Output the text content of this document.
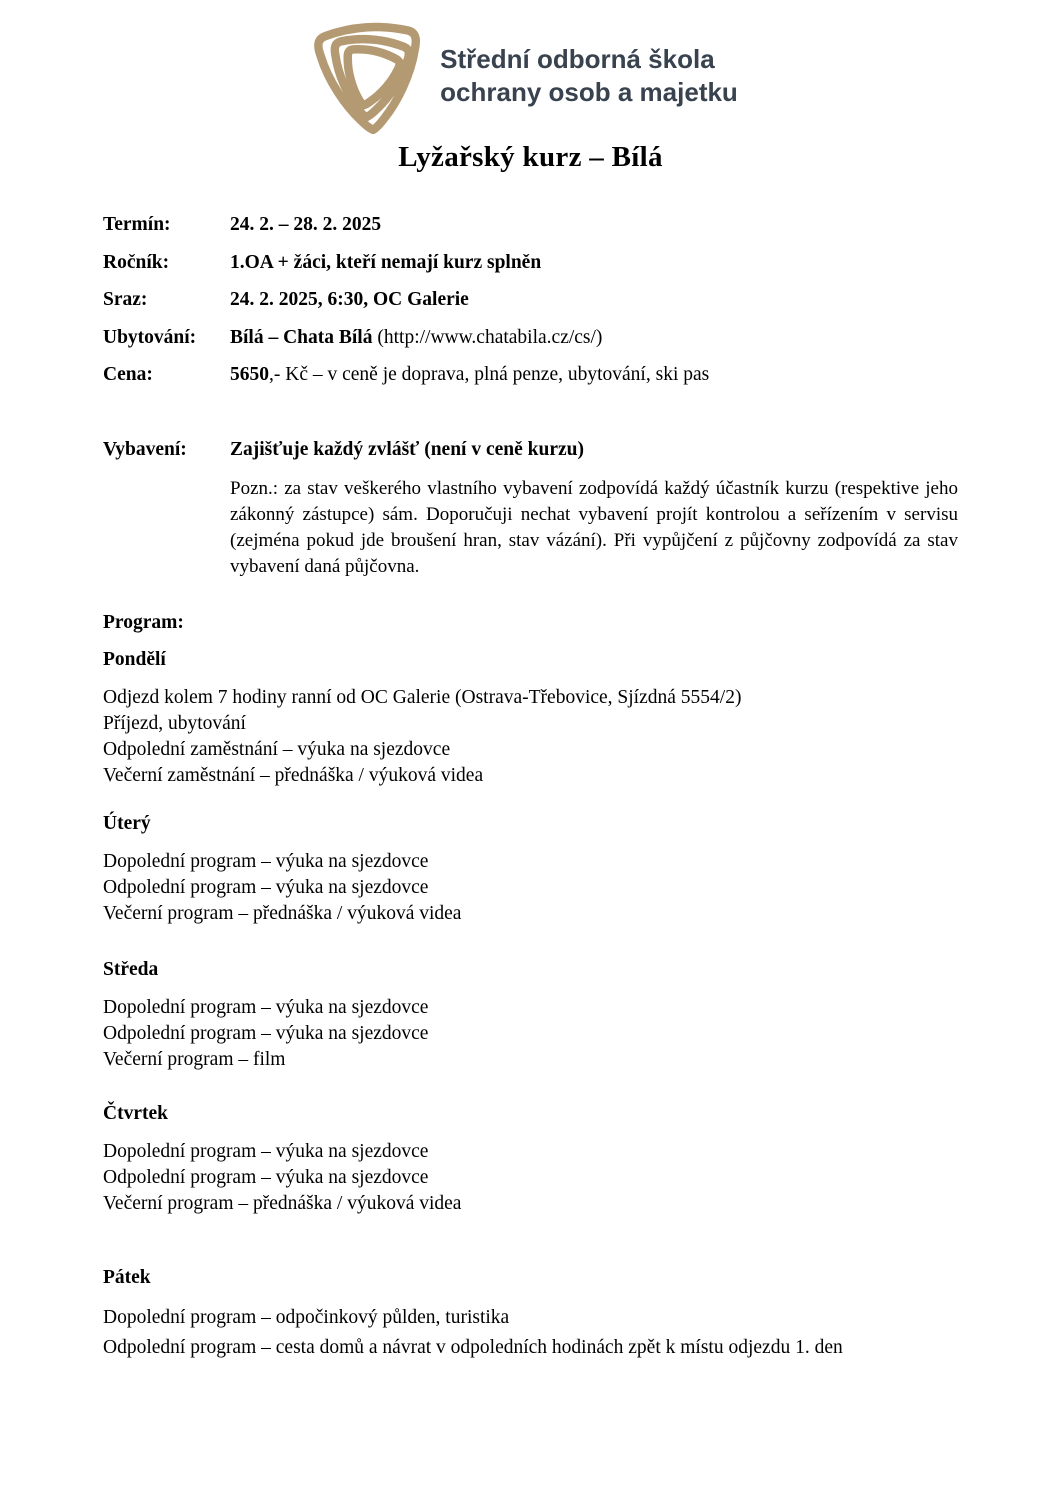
Střední odborná škola
ochrany osob a majetku
Lyžařský kurz – Bílá
Termín:	24. 2. – 28. 2. 2025
Ročník:	1.OA + žáci, kteří nemají kurz splněn
Sraz:	24. 2. 2025, 6:30, OC Galerie
Ubytování:	Bílá – Chata Bílá (http://www.chatabila.cz/cs/)
Cena:	5650,- Kč – v ceně je doprava, plná penze, ubytování, ski pas
Vybavení:	Zajišťuje každý zvlášť (není v ceně kurzu)

Pozn.: za stav veškerého vlastního vybavení zodpovídá každý účastník kurzu (respektive jeho zákonný zástupce) sám. Doporučuji nechat vybavení projít kontrolou a seřízením v servisu (zejména pokud jde broušení hran, stav vázání). Při vypůjčení z půjčovny zodpovídá za stav vybavení daná půjčovna.

Program:
Pondělí
Odjezd kolem 7 hodiny ranní od OC Galerie (Ostrava-Třebovice, Sjízdná 5554/2)
Příjezd, ubytování
Odpolední zaměstnání – výuka na sjezdovce
Večerní zaměstnání – přednáška / výuková videa
Úterý
Dopolední program – výuka na sjezdovce
Odpolední program – výuka na sjezdovce
Večerní program – přednáška / výuková videa
Středa
Dopolední program – výuka na sjezdovce
Odpolední program – výuka na sjezdovce
Večerní program – film
Čtvrtek
Dopolední program – výuka na sjezdovce
Odpolední program – výuka na sjezdovce
Večerní program – přednáška / výuková videa
Pátek
Dopolední program – odpočinkový půlden, turistika
Odpolední program – cesta domů a návrat v odpoledních hodinách zpět k místu odjezdu 1. den
